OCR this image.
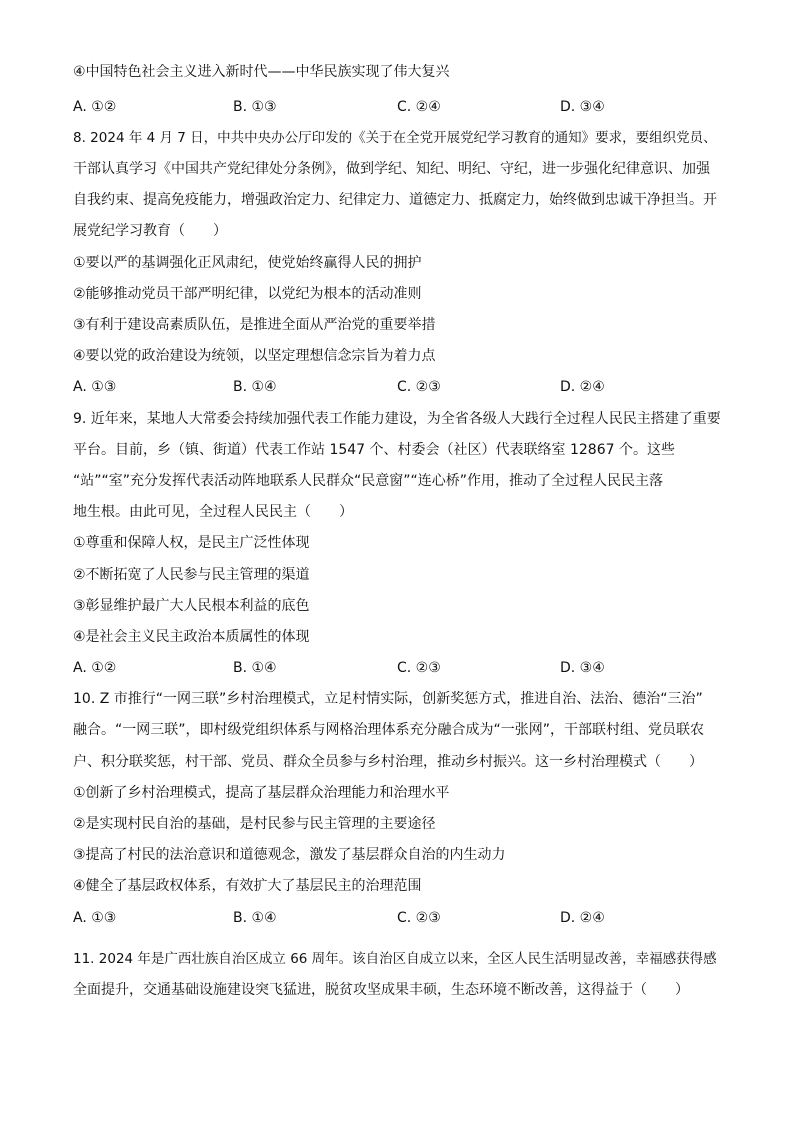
④中国特色社会主义进入新时代——中华民族实现了伟大复兴
A. ①②	B. ①③	C. ②④	D. ③④
8. 2024 年 4 月 7 日，中共中央办公厅印发的《关于在全党开展党纪学习教育的通知》要求，要组织党员、
干部认真学习《中国共产党纪律处分条例》，做到学纪、知纪、明纪、守纪，进一步强化纪律意识、加强
自我约束、提高免疫能力，增强政治定力、纪律定力、道德定力、抵腐定力，始终做到忠诚干净担当。开
展党纪学习教育（　　）
①要以严的基调强化正风肃纪，使党始终赢得人民的拥护
②能够推动党员干部严明纪律，以党纪为根本的活动准则
③有利于建设高素质队伍，是推进全面从严治党的重要举措
④要以党的政治建设为统领，以坚定理想信念宗旨为着力点
A. ①③	B. ①④	C. ②③	D. ②④
9. 近年来，某地人大常委会持续加强代表工作能力建设，为全省各级人大践行全过程人民民主搭建了重要
平台。目前，乡（镇、街道）代表工作站 1547 个、村委会（社区）代表联络室 12867 个。这些
“站”“室”充分发挥代表活动阵地联系人民群众“民意窗”“连心桥”作用，推动了全过程人民民主落
地生根。由此可见，全过程人民民主（　　）
①尊重和保障人权，是民主广泛性体现
②不断拓宽了人民参与民主管理的渠道
③彰显维护最广大人民根本利益的底色
④是社会主义民主政治本质属性的体现
A. ①②	B. ①④	C. ②③	D. ③④
10. Z 市推行“一网三联”乡村治理模式，立足村情实际，创新奖惩方式，推进自治、法治、德治“三治”
融合。“一网三联”，即村级党组织体系与网格治理体系充分融合成为“一张网”，干部联村组、党员联农
户、积分联奖惩，村干部、党员、群众全员参与乡村治理，推动乡村振兴。这一乡村治理模式（　　）
①创新了乡村治理模式，提高了基层群众治理能力和治理水平
②是实现村民自治的基础，是村民参与民主管理的主要途径
③提高了村民的法治意识和道德观念，激发了基层群众自治的内生动力
④健全了基层政权体系，有效扩大了基层民主的治理范围
A. ①③	B. ①④	C. ②③	D. ②④
11. 2024 年是广西壮族自治区成立 66 周年。该自治区自成立以来，全区人民生活明显改善，幸福感获得感
全面提升，交通基础设施建设突飞猛进，脱贫攻坚成果丰硕，生态环境不断改善，这得益于（　　）
